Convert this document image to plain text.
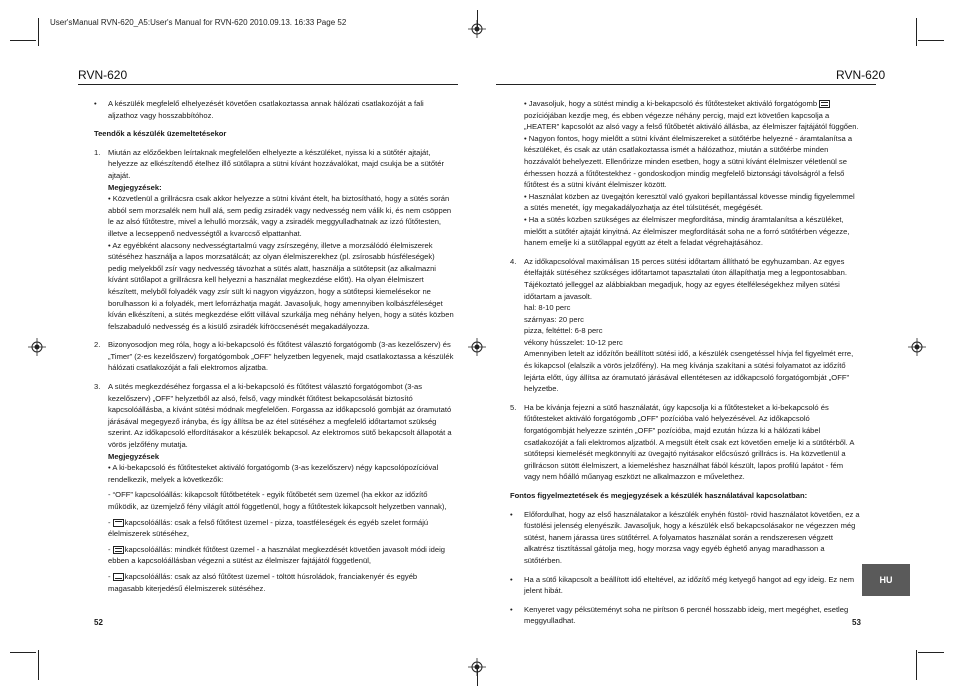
User'sManual RVN-620_A5:User's Manual for RVN-620 2010.09.13. 16:33 Page 52
RVN-620	RVN-620
• A készülék megfelelő elhelyezését követően csatlakoztassa annak hálózati csatlakozóját a fali aljzathoz vagy hosszabbítóhoz.

Teendők a készülék üzemeltetésekor

1. Miután az előzőekben leírtaknak megfelelően elhelyezte a készüléket, nyissa ki a sütőtér ajtaját, helyezze az elkészítendő ételhez illő sütőlapra a sütni kívánt hozzávalókat, majd csukja be a sütőtér ajtaját.

Megjegyzések:

• Közvetlenül a grillrácsra csak akkor helyezze a sütni kívánt ételt, ha biztosítható, hogy a sütés során abból sem morzsalék nem hull alá, sem pedig zsiradék vagy nedvesség nem válik ki, és nem csöppen le az alsó fűtőtestre, mivel a lehulló morzsák, vagy a zsiradék meggyulladhatnak az izzó fűtőtesten, illetve a lecseppenő nedvességtől a kvarccső elpattanhat.

• Az egyébként alacsony nedvességtartalmú vagy zsírszegény, illetve a morzsálódó élelmiszerek sütéséhez használja a lapos morzsatálcát; az olyan élelmiszerekhez (pl. zsírosabb húsféleségek) pedig melyekből zsír vagy nedvesség távozhat a sütés alatt, használja a sütőtepsit (az alkalmazni kívánt sütőlapot a grillrácsra kell helyezni a használat megkezdése előtt). Ha olyan élelmiszert készített, melyből folyadék vagy zsír sült ki nagyon vigyázzon, hogy a sütőtepsi kiemelésekor ne borulhasson ki a folyadék, mert leforrázhatja magát. Javasoljuk, hogy amennyiben kolbászféleséget kíván elkészíteni, a sütés megkezdése előtt villával szurkálja meg néhány helyen, hogy a sütés közben felszabaduló nedvesség és a kisülő zsiradék kifröccsenését megakadályozza.

2. Bizonyosodjon meg róla, hogy a ki-bekapcsoló és fűtőtest választó forgatógomb (3-as kezelőszerv) és „Timer” (2-es kezelőszerv) forgatógombok „OFF” helyzetben legyenek, majd csatlakoztassa a készülék hálózati csatlakozóját a fali elektromos aljzatba.

3. A sütés megkezdéséhez forgassa el a ki-bekapcsoló és fűtőtest választó forgatógombot (3-as kezelőszerv) „OFF” helyzetből az alsó, felső, vagy mindkét fűtőtest bekapcsolását biztosító kapcsolóállásba, a kívánt sütési módnak megfelelően. Forgassa az időkapcsoló gombját az óramutató járásával megegyező irányba, és így állítsa be az étel sütéséhez a megfelelő időtartamot szükség szerint. Az időkapcsoló elfordításakor a készülék bekapcsol. Az elektromos sütő bekapcsolt állapotát a vörös jelzőfény mutatja.

Megjegyzések

• A ki-bekapcsoló és fűtőtesteket aktiváló forgatógomb (3-as kezelőszerv) négy kapcsolópozícióval rendelkezik, melyek a következők:

- “OFF” kapcsolóállás: kikapcsolt fűtőtbetétek - egyik fűtőbetét sem üzemel (ha ekkor az időzítő működik, az üzemjelző fény világít attól függetlenül, hogy a fűtőtestek kikapcsolt helyzetben vannak),

- kapcsolóállás: csak a felső fűtőtest üzemel - pizza, toastféleségek és egyéb szelet formájú élelmiszerek sütéséhez,

- kapcsolóállás: mindkét fűtőtest üzemel - a használat megkezdését követően javasolt módi ideig ebben a kapcsolóállásban végezni a sütést az élelmiszer fajtájától függetlenül,

- kapcsolóállás: csak az alsó fűtőtest üzemel - töltött húsroládok, franciakenyér és egyéb magasabb kiterjedésű élelmiszerek sütéséhez.

• Javasoljuk, hogy a sütést mindig a ki-bekapcsoló és fűtőtesteket aktiváló forgatógomb pozíciójában kezdje meg, és ebben végezze néhány percig, majd ezt követően kapcsolja a „HEATER” kapcsolót az alsó vagy a felső fűtőbetét aktiváló állásba, az élelmiszer fajtájától függően.

• Nagyon fontos, hogy mielőtt a sütni kívánt élelmiszereket a sütőtérbe helyezné - áramtalanítsa a készüléket, és csak az után csatlakoztassa ismét a hálózathoz, miután a sütőtérbe minden hozzávalót behelyezett. Ellenőrizze minden esetben, hogy a sütni kívánt élelmiszer véletlenül se érhessen hozzá a fűtőtestekhez - gondoskodjon mindig megfelelő biztonsági távolságról a felső fűtőtest és a sütni kívánt élelmiszer között.

• Használat közben az üvegajtón keresztül való gyakori bepillantással kövesse mindig figyelemmel a sütés menetét, így megakadályozhatja az étel túlsütését, megégését.

• Ha a sütés közben szükséges az élelmiszer megfordítása, mindig áramtalanítsa a készüléket, mielőtt a sütőtér ajtaját kinyitná. Az élelmiszer megfordítását soha ne a forró sütőtérben végezze, hanem emelje ki a sütőlappal együtt az ételt a feladat végrehajtásához.

4. Az időkapcsolóval maximálisan 15 perces sütési időtartam állítható be egyhuzamban. Az egyes ételfajták sütéséhez szükséges időtartamot tapasztalati úton állapíthatja meg a legpontosabban. Tájékoztató jelleggel az alábbiakban megadjuk, hogy az egyes ételféleségekhez milyen sütési időtartam a javasolt.

hal: 8-10 perc

szárnyas: 20 perc

pizza, feltéttel: 6-8 perc

vékony hússzelet: 10-12 perc

Amennyiben letelt az időzítőn beállított sütési idő, a készülék csengetéssel hívja fel figyelmét erre, és kikapcsol (elalszik a vörös jelzőfény). Ha meg kívánja szakítani a sütési folyamatot az időzítő lejárta előtt, úgy állítsa az óramutató járásával ellentétesen az időkapcsoló forgatógombját „OFF” helyzetbe.

5. Ha be kívánja fejezni a sütő használatát, úgy kapcsolja ki a fűtőtesteket a ki-bekapcsoló és fűtőtesteket aktiváló forgatógomb „OFF” pozícióba való helyezésével. Az időkapcsoló forgatógombját helyezze szintén „OFF” pozícióba, majd ezután húzza ki a hálózati kábel csatlakozóját a fali elektromos aljzatból. A megsült ételt csak ezt követően emelje ki a sütőtérből. A sütőtepsi kiemelését megkönnyíti az üvegajtó nyitásakor előcsúszó grillrács is. Ha közvetlenül a grillrácson sütött élelmiszert, a kiemeléshez használhat fából készült, lapos profilú lapátot - fém vagy nem hőálló műanyag eszközt ne alkalmazzon e művelethez.

Fontos figyelmeztetések és megjegyzések a készülék használatával kapcsolatban:

• Előfordulhat, hogy az első használatakor a készülék enyhén füstöl- rövid használatot követően, ez a füstölési jelenség elenyészik. Javasoljuk, hogy a készülék első bekapcsolásakor ne végezzen még sütést, hanem járassa üres sütőtérrel. A folyamatos használat során a rendszeresen végzett alkatrész tisztítással gátolja meg, hogy morzsa vagy egyéb éghető anyag maradhasson a sütőtérben.

• Ha a sütő kikapcsolt a beállított idő elteltével, az időzítő még ketyegő hangot ad egy ideig. Ez nem jelent hibát.

• Kenyeret vagy péksüteményt soha ne pirítson 6 percnél hosszabb ideig, mert megéghet, esetleg meggyulladhat.

HU
52	53
